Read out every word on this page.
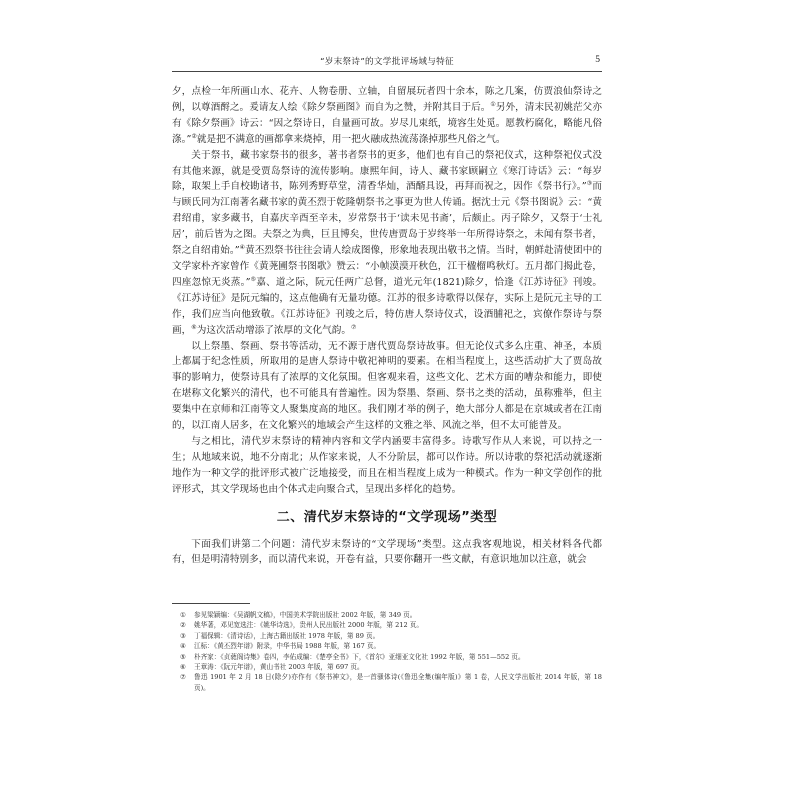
“岁末祭诗”的文学批评场域与特征	5

夕，点检一年所画山水、花卉、人物卷册、立轴，自留展玩者四十余本，陈之几案，仿贾浪仙祭诗之例，以尊酒酹之。爰请友人绘《除夕祭画图》而自为之赞，并附其目于后。①另外，清末民初姚茫父亦有《除夕祭画》诗云：“因之祭诗日，自量画可故。岁尽儿束纸，境容生处觅。愿教朽腐化，略能凡俗涤。”②就是把不满意的画都拿来烧掉，用一把火融成热流荡涤掉那些凡俗之气。

关于祭书，藏书家祭书的很多，著书者祭书的更多，他们也有自己的祭祀仪式，这种祭祀仪式没有其他来源，就是受贾岛祭诗的流传影响。康熙年间，诗人、藏书家顾嗣立《寒汀诗话》云：“每岁除，取架上手自校勘诸书，陈列秀野草堂，清香华灿，酒醑具设，再拜而祝之，因作《祭书行》。”③而与顾氏同为江南著名藏书家的黄丕烈于乾隆朝祭书之事更为世人传诵。据沈士元《祭书图说》云：“黄君绍甫，家多藏书，自嘉庆辛酉至辛未，岁常祭书于‘读未见书斋’，后颇止。丙子除夕，又祭于‘士礼居’，前后皆为之图。夫祭之为典，巨且博矣，世传唐贾岛于岁终举一年所得诗祭之，未闻有祭书者，祭之自绍甫始。”④黄丕烈祭书往往会请人绘成图像，形象地表现出敬书之情。当时，朝鲜赴清使团中的文学家朴齐家曾作《黄荛圃祭书图歌》赞云：“小帧漠漠开秋色，江干楹榴鸣秋灯。五月都门揭此卷，四座忽惊无炎蒸。”⑤嘉、道之际，阮元任两广总督，道光元年(1821)除夕，恰逢《江苏诗征》刊竣。《江苏诗征》是阮元编的，这点他确有无量功德。江苏的很多诗歌得以保存，实际上是阮元主导的工作，我们应当向他致敬。《江苏诗征》刊竣之后，特仿唐人祭诗仪式，设酒脯祀之，宾僚作祭诗与祭画，⑥为这次活动增添了浓厚的文化气韵。⑦

以上祭墨、祭画、祭书等活动，无不源于唐代贾岛祭诗故事。但无论仪式多么庄重、神圣，本质上都属于纪念性质，所取用的是唐人祭诗中敬祀神明的要素。在相当程度上，这些活动扩大了贾岛故事的影响力，使祭诗具有了浓厚的文化氛围。但客观来看，这些文化、艺术方面的嘈杂和能力，即使在堪称文化繁兴的清代，也不可能具有普遍性。因为祭墨、祭画、祭书之类的活动，虽称雅举，但主要集中在京师和江南等文人聚集度高的地区。我们刚才举的例子，绝大部分人都是在京城或者在江南的，以江南人居多，在文化繁兴的地域会产生这样的文雅之举、风流之举，但不太可能普及。

与之相比，清代岁末祭诗的精神内容和文学内涵要丰富得多。诗歌写作从人来说，可以持之一生；从地域来说，地不分南北；从作家来说，人不分阶层，都可以作诗。所以诗歌的祭祀活动就逐渐地作为一种文学的批评形式被广泛地接受，而且在相当程度上成为一种模式。作为一种文学创作的批评形式，其文学现场也由个体式走向聚合式，呈现出多样化的趋势。

二、清代岁末祭诗的“文学现场”类型

下面我们讲第二个问题：清代岁末祭诗的“文学现场”类型。这点我客观地说，相关材料各代都有，但是明清特别多，而以清代来说，开卷有益，只要你翻开一些文献，有意识地加以注意，就会

①	参见梁颖编：《吴湖帆文稿》，中国美术学院出版社 2002 年版，第 349 页。
②	姚华著，邓见宽选注：《姚华诗选》，贵州人民出版社 2000 年版，第 212 页。
③	丁福保辑：《清诗话》，上海古籍出版社 1978 年版，第 89 页。
④	江标：《黄丕烈年谱》附录，中华书局 1988 年版，第 167 页。
⑤	朴齐家：《贞蕤阁诗集》卷四，李佑成编：《楚亭全书》下，《首尔》亚细亚文化社 1992 年版，第 551—552 页。
⑥	王章涛：《阮元年谱》，黄山书社 2003 年版，第 697 页。
⑦	鲁迅 1901 年 2 月 18 日(除夕)亦作有《祭书神文》，是一首骚体诗(《鲁迅全集(编年版)》第 1 卷，人民文学出版社 2014 年版，第 18 页)。
